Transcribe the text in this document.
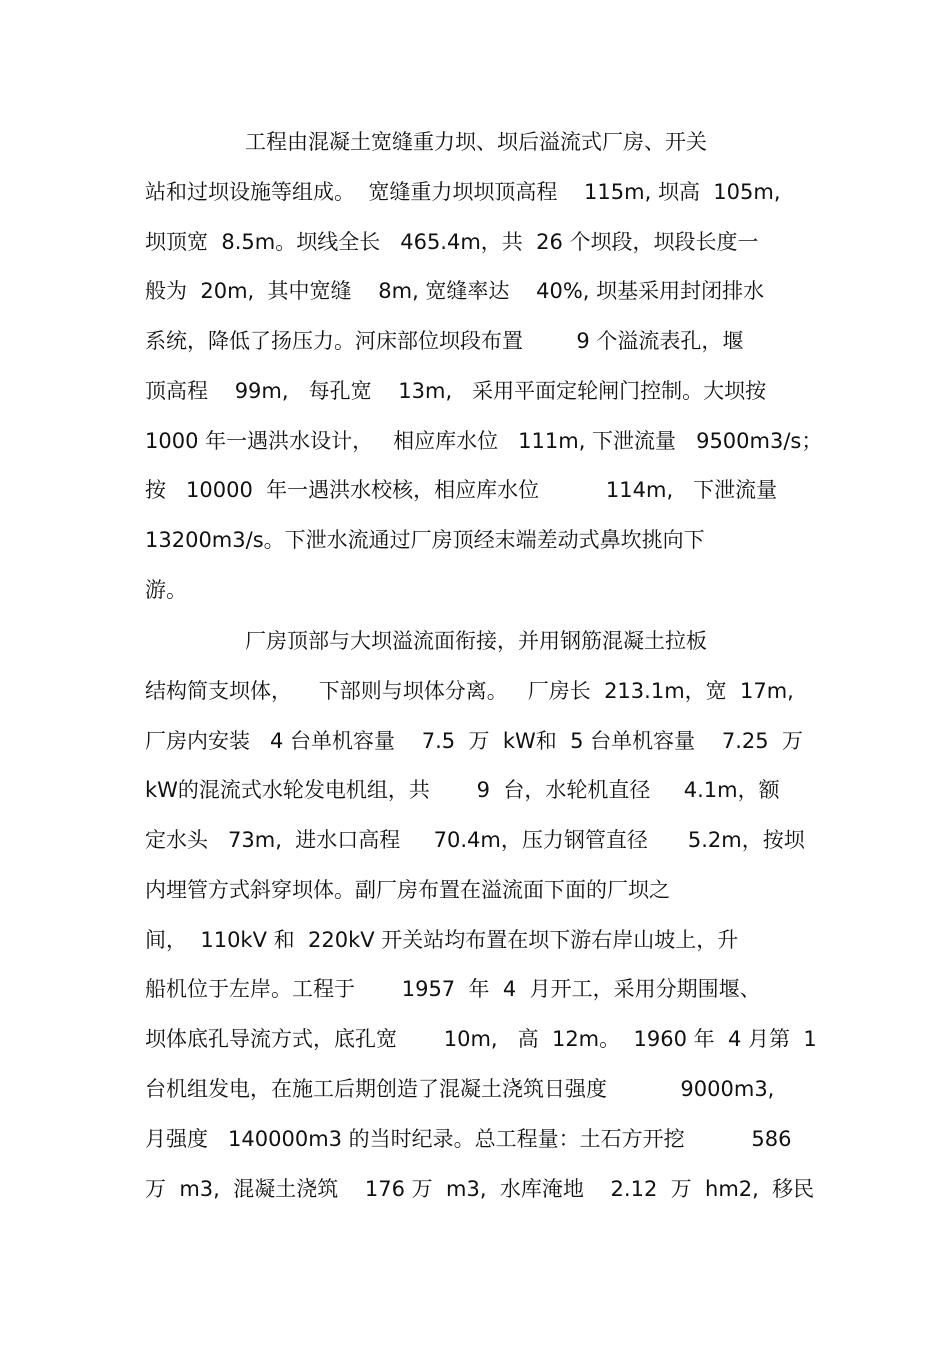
工程由混凝土宽缝重力坝、坝后溢流式厂房、开关
站和过坝设施等组成。  宽缝重力坝坝顶高程    115m, 坝高  105m,
坝顶宽  8.5m。坝线全长   465.4m，共  26 个坝段，坝段长度一
般为  20m,  其中宽缝    8m, 宽缝率达    40%, 坝基采用封闭排水
系统，降低了扬压力。河床部位坝段布置        9 个溢流表孔，堰
顶高程    99m,   每孔宽    13m,   采用平面定轮闸门控制。大坝按
1000 年一遇洪水设计，   相应库水位   111m, 下泄流量   9500m3/s；
按   10000  年一遇洪水校核，相应库水位          114m,   下泄流量
13200m3/s。下泄水流通过厂房顶经末端差动式鼻坎挑向下
游。
厂房顶部与大坝溢流面衔接，并用钢筋混凝土拉板
结构简支坝体，    下部则与坝体分离。   厂房长  213.1m，宽  17m,
厂房内安装   4 台单机容量    7.5  万  kW和  5 台单机容量    7.25  万
kW的混流式水轮发电机组，共       9  台，水轮机直径     4.1m，额
定水头   73m,  进水口高程     70.4m，压力钢管直径      5.2m，按坝
内埋管方式斜穿坝体。副厂房布置在溢流面下面的厂坝之
间，  110kV 和  220kV 开关站均布置在坝下游右岸山坡上，升
船机位于左岸。工程于       1957  年  4  月开工，采用分期围堰、
坝体底孔导流方式，底孔宽       10m,   高  12m。  1960 年  4 月第  1
台机组发电，在施工后期创造了混凝土浇筑日强度           9000m3,
月强度   140000m3 的当时纪录。总工程量：土石方开挖          586
万  m3,  混凝土浇筑    176 万  m3,  水库淹地    2.12  万  hm2,  移民
